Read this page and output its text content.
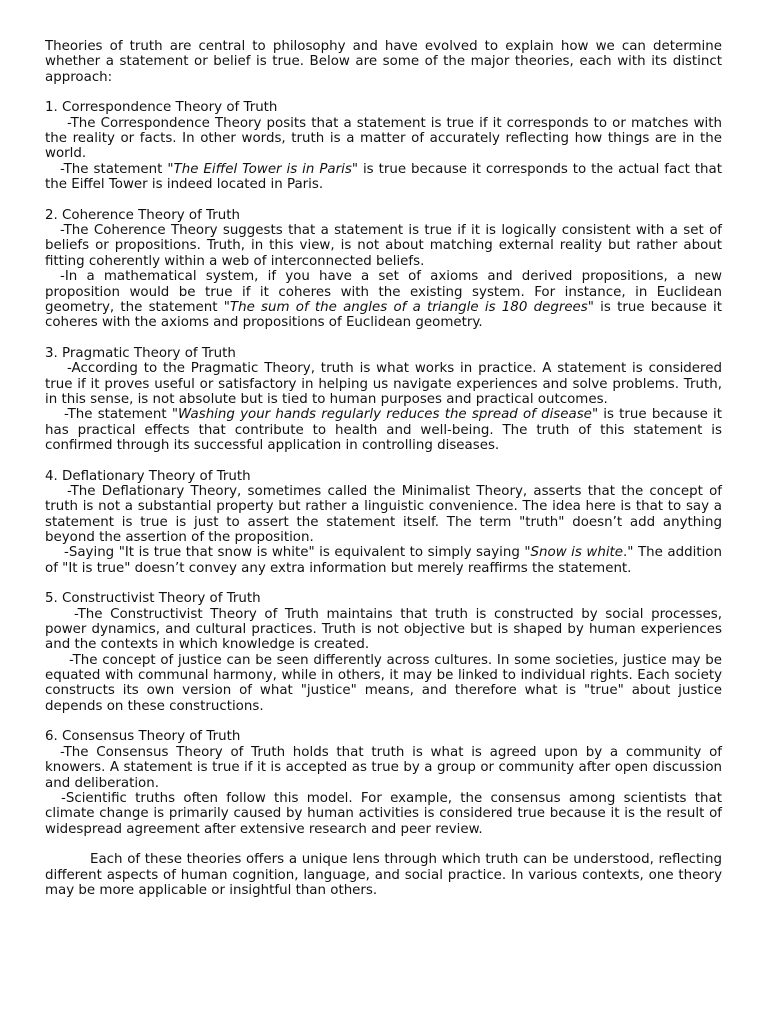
Theories of truth are central to philosophy and have evolved to explain how we can determine whether a statement or belief is true. Below are some of the major theories, each with its distinct approach:

1. Correspondence Theory of Truth

-The Correspondence Theory posits that a statement is true if it corresponds to or matches with the reality or facts. In other words, truth is a matter of accurately reflecting how things are in the world.

-The statement "The Eiffel Tower is in Paris" is true because it corresponds to the actual fact that the Eiffel Tower is indeed located in Paris.

2. Coherence Theory of Truth

-The Coherence Theory suggests that a statement is true if it is logically consistent with a set of beliefs or propositions. Truth, in this view, is not about matching external reality but rather about fitting coherently within a web of interconnected beliefs.

-In a mathematical system, if you have a set of axioms and derived propositions, a new proposition would be true if it coheres with the existing system. For instance, in Euclidean geometry, the statement "The sum of the angles of a triangle is 180 degrees" is true because it coheres with the axioms and propositions of Euclidean geometry.

3. Pragmatic Theory of Truth

-According to the Pragmatic Theory, truth is what works in practice. A statement is considered true if it proves useful or satisfactory in helping us navigate experiences and solve problems. Truth, in this sense, is not absolute but is tied to human purposes and practical outcomes.

-The statement "Washing your hands regularly reduces the spread of disease" is true because it has practical effects that contribute to health and well-being. The truth of this statement is confirmed through its successful application in controlling diseases.

4. Deflationary Theory of Truth

-The Deflationary Theory, sometimes called the Minimalist Theory, asserts that the concept of truth is not a substantial property but rather a linguistic convenience. The idea here is that to say a statement is true is just to assert the statement itself. The term "truth" doesn’t add anything beyond the assertion of the proposition.

-Saying "It is true that snow is white" is equivalent to simply saying "Snow is white." The addition of "It is true" doesn’t convey any extra information but merely reaffirms the statement.

5. Constructivist Theory of Truth

-The Constructivist Theory of Truth maintains that truth is constructed by social processes, power dynamics, and cultural practices. Truth is not objective but is shaped by human experiences and the contexts in which knowledge is created.

-The concept of justice can be seen differently across cultures. In some societies, justice may be equated with communal harmony, while in others, it may be linked to individual rights. Each society constructs its own version of what "justice" means, and therefore what is "true" about justice depends on these constructions.

6. Consensus Theory of Truth

-The Consensus Theory of Truth holds that truth is what is agreed upon by a community of knowers. A statement is true if it is accepted as true by a group or community after open discussion and deliberation.

-Scientific truths often follow this model. For example, the consensus among scientists that climate change is primarily caused by human activities is considered true because it is the result of widespread agreement after extensive research and peer review.

Each of these theories offers a unique lens through which truth can be understood, reflecting different aspects of human cognition, language, and social practice. In various contexts, one theory may be more applicable or insightful than others.
